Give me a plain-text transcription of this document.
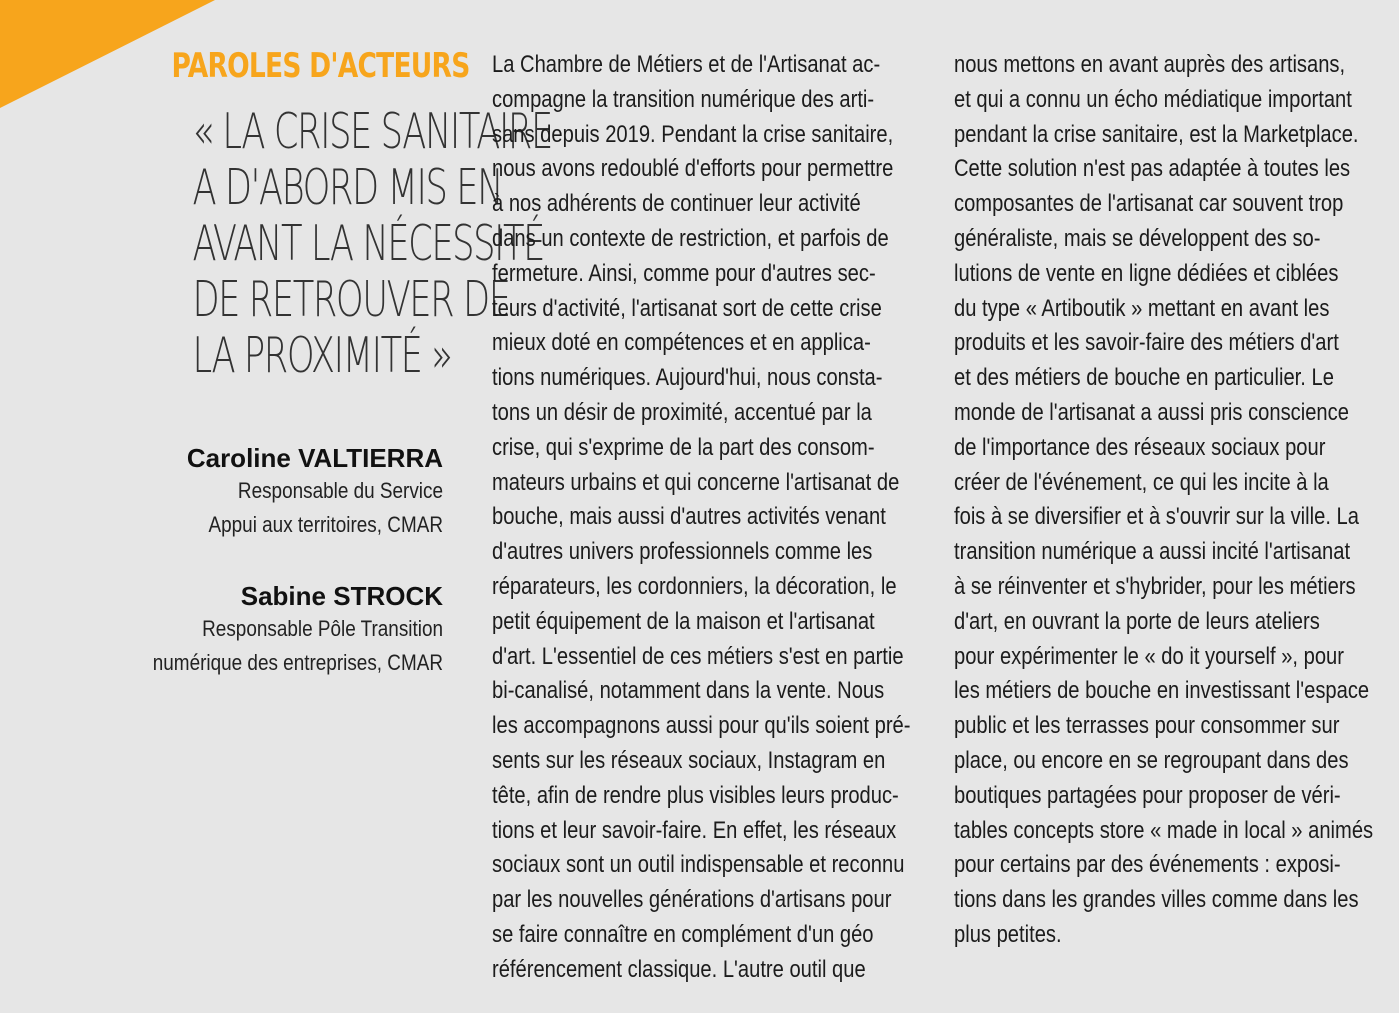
PAROLES D'ACTEURS
« LA CRISE SANITAIRE
A D'ABORD MIS EN
AVANT LA NÉCESSITÉ
DE RETROUVER DE
LA PROXIMITÉ »
Caroline VALTIERRA
Responsable du Service
Appui aux territoires, CMAR
Sabine STROCK
Responsable Pôle Transition
numérique des entreprises, CMAR
La Chambre de Métiers et de l'Artisanat ac-
compagne la transition numérique des arti-
sans depuis 2019. Pendant la crise sanitaire,
nous avons redoublé d'efforts pour permettre
à nos adhérents de continuer leur activité
dans un contexte de restriction, et parfois de
fermeture. Ainsi, comme pour d'autres sec-
teurs d'activité, l'artisanat sort de cette crise
mieux doté en compétences et en applica-
tions numériques. Aujourd'hui, nous consta-
tons un désir de proximité, accentué par la
crise, qui s'exprime de la part des consom-
mateurs urbains et qui concerne l'artisanat de
bouche, mais aussi d'autres activités venant
d'autres univers professionnels comme les
réparateurs, les cordonniers, la décoration, le
petit équipement de la maison et l'artisanat
d'art. L'essentiel de ces métiers s'est en partie
bi-canalisé, notamment dans la vente. Nous
les accompagnons aussi pour qu'ils soient pré-
sents sur les réseaux sociaux, Instagram en
tête, afin de rendre plus visibles leurs produc-
tions et leur savoir-faire. En effet, les réseaux
sociaux sont un outil indispensable et reconnu
par les nouvelles générations d'artisans pour
se faire connaître en complément d'un géo
référencement classique. L'autre outil que
nous mettons en avant auprès des artisans,
et qui a connu un écho médiatique important
pendant la crise sanitaire, est la Marketplace.
Cette solution n'est pas adaptée à toutes les
composantes de l'artisanat car souvent trop
généraliste, mais se développent des so-
lutions de vente en ligne dédiées et ciblées
du type « Artiboutik » mettant en avant les
produits et les savoir-faire des métiers d'art
et des métiers de bouche en particulier. Le
monde de l'artisanat a aussi pris conscience
de l'importance des réseaux sociaux pour
créer de l'événement, ce qui les incite à la
fois à se diversifier et à s'ouvrir sur la ville. La
transition numérique a aussi incité l'artisanat
à se réinventer et s'hybrider, pour les métiers
d'art, en ouvrant la porte de leurs ateliers
pour expérimenter le « do it yourself », pour
les métiers de bouche en investissant l'espace
public et les terrasses pour consommer sur
place, ou encore en se regroupant dans des
boutiques partagées pour proposer de véri-
tables concepts store « made in local » animés
pour certains par des événements : exposi-
tions dans les grandes villes comme dans les
plus petites.
